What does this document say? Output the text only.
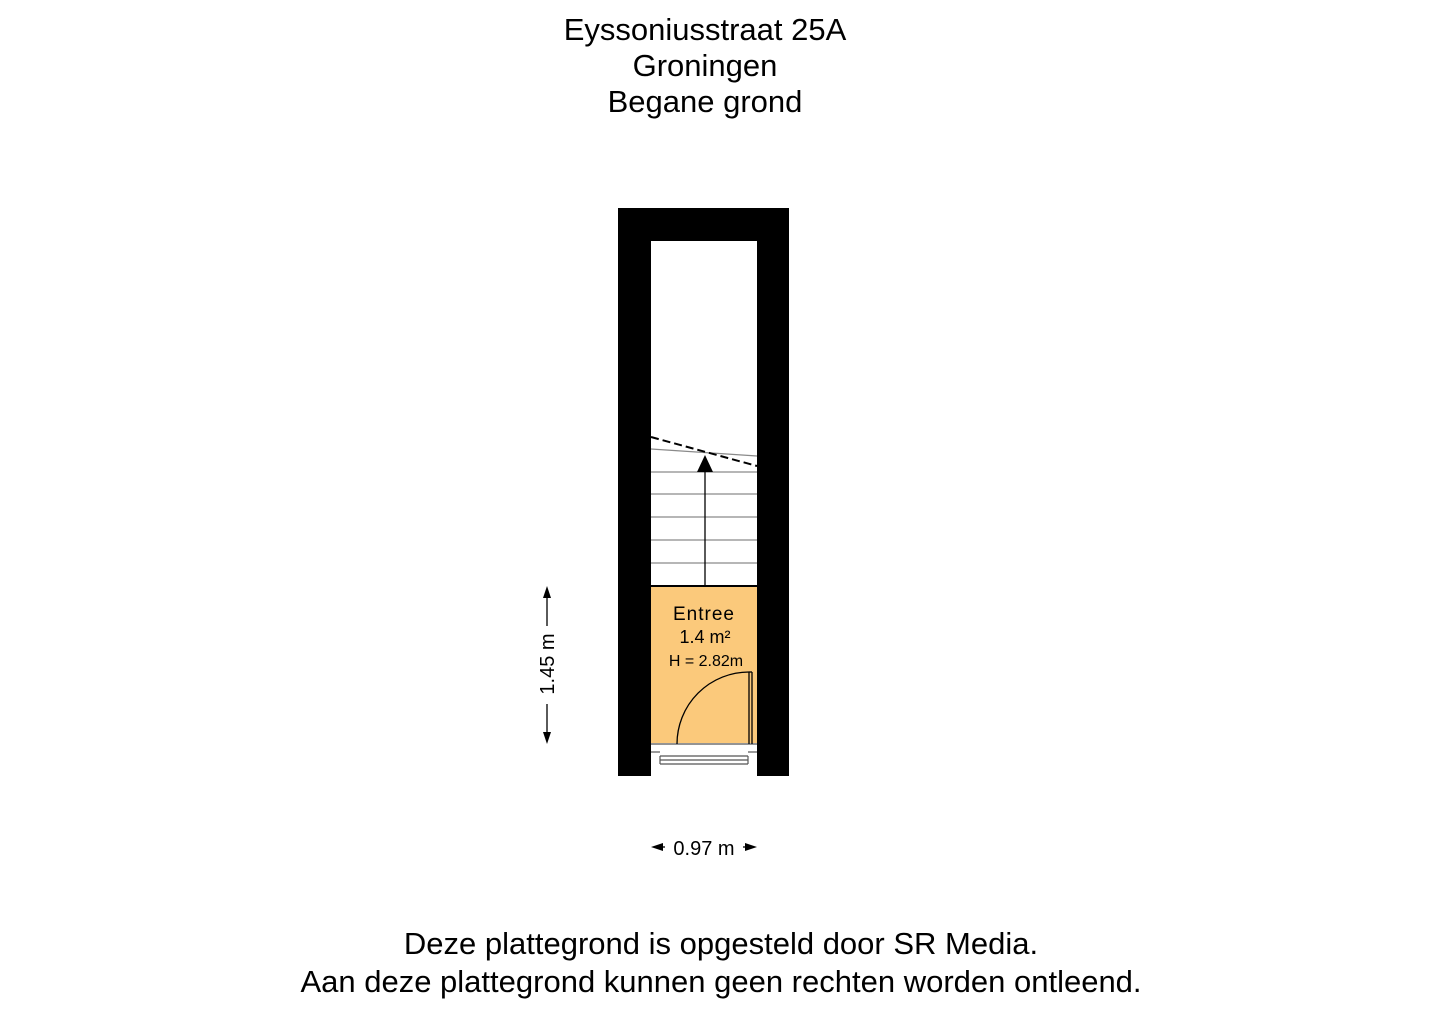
Eyssoniusstraat 25A
Groningen
Begane grond
Entree
1.4 m²
H = 2.82m
1.45 m
0.97 m
Deze plattegrond is opgesteld door SR Media.
Aan deze plattegrond kunnen geen rechten worden ontleend.
